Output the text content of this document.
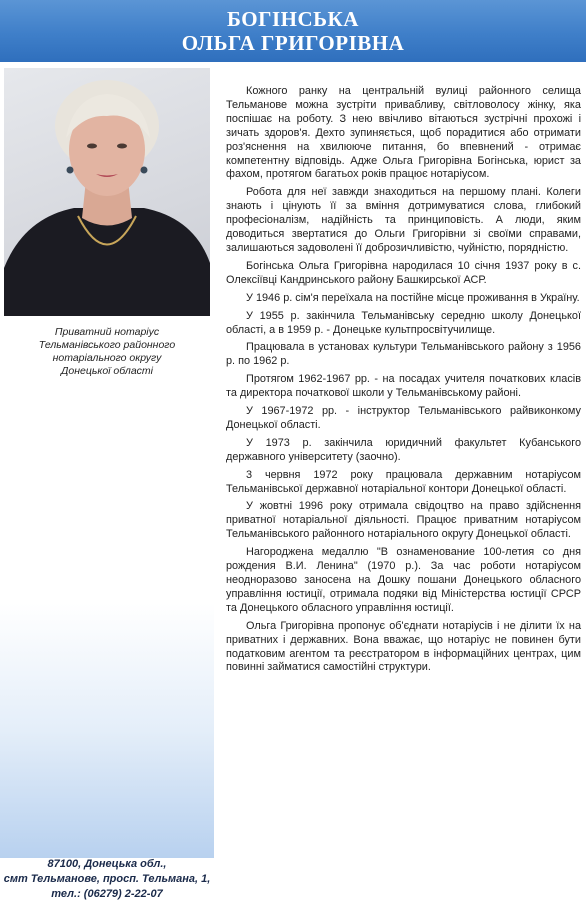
БОГІНСЬКА
ОЛЬГА ГРИГОРІВНА
Приватний нотаріус
Тельманівського районного
нотаріального округу
Донецької області
87100, Донецька обл.,
смт Тельманове, просп. Тельмана, 1,
тел.: (06279) 2-22-07

Кожного ранку на центральній вулиці районного селища Тельманове можна зустріти привабливу, світловолосу жінку, яка поспішає на роботу. З нею ввічливо вітаються зустрічні прохожі і зичать здоров'я. Дехто зупиняється, щоб порадитися або отримати роз'яснення на хвилююче питання, бо впевнений - отримає компетентну відповідь. Адже Ольга Григорівна Богінська, юрист за фахом, протягом багатьох років працює нотаріусом.

Робота для неї завжди знаходиться на першому плані. Колеги знають і цінують її за вміння дотримуватися слова, глибокий професіоналізм, надійність та принциповість. А люди, яким доводиться звертатися до Ольги Григорівни зі своїми справами, залишаються задоволені її доброзичливістю, чуйністю, порядністю.

Богінська Ольга Григорівна народилася 10 січня 1937 року в с. Олексіївці Кандринського району Башкирської АСР.

У 1946 р. сім'я переїхала на постійне місце проживання в Україну.

У 1955 р. закінчила Тельманівську середню школу Донецької області, а в 1959 р. - Донецьке культпросвітучилище.

Працювала в установах культури Тельманівського району з 1956 р. по 1962 р.

Протягом 1962-1967 рр. - на посадах учителя початкових класів та директора початкової школи у Тельманівському районі.

У 1967-1972 рр. - інструктор Тельманівського райвиконкому Донецької області.

У 1973 р. закінчила юридичний факультет Кубанського державного університету (заочно).

3 червня 1972 року працювала державним нотаріусом Тельманівської державної нотаріальної контори Донецької області.

У жовтні 1996 року отримала свідоцтво на право здійснення приватної нотаріальної діяльності. Працює приватним нотаріусом Тельманівського районного нотаріального округу Донецької області.

Нагороджена медаллю "В ознаменование 100-летия со дня рождения В.И. Ленина" (1970 р.). За час роботи нотаріусом неодноразово заносена на Дошку пошани Донецького обласного управління юстиції, отримала подяки від Міністерства юстиції СРСР та Донецького обласного управління юстиції.

Ольга Григорівна пропонує об'єднати нотаріусів і не ділити їх на приватних і державних. Вона вважає, що нотаріус не повинен бути податковим агентом та реєстратором в інформаційних центрах, цим повинні займатися самостійні структури.
